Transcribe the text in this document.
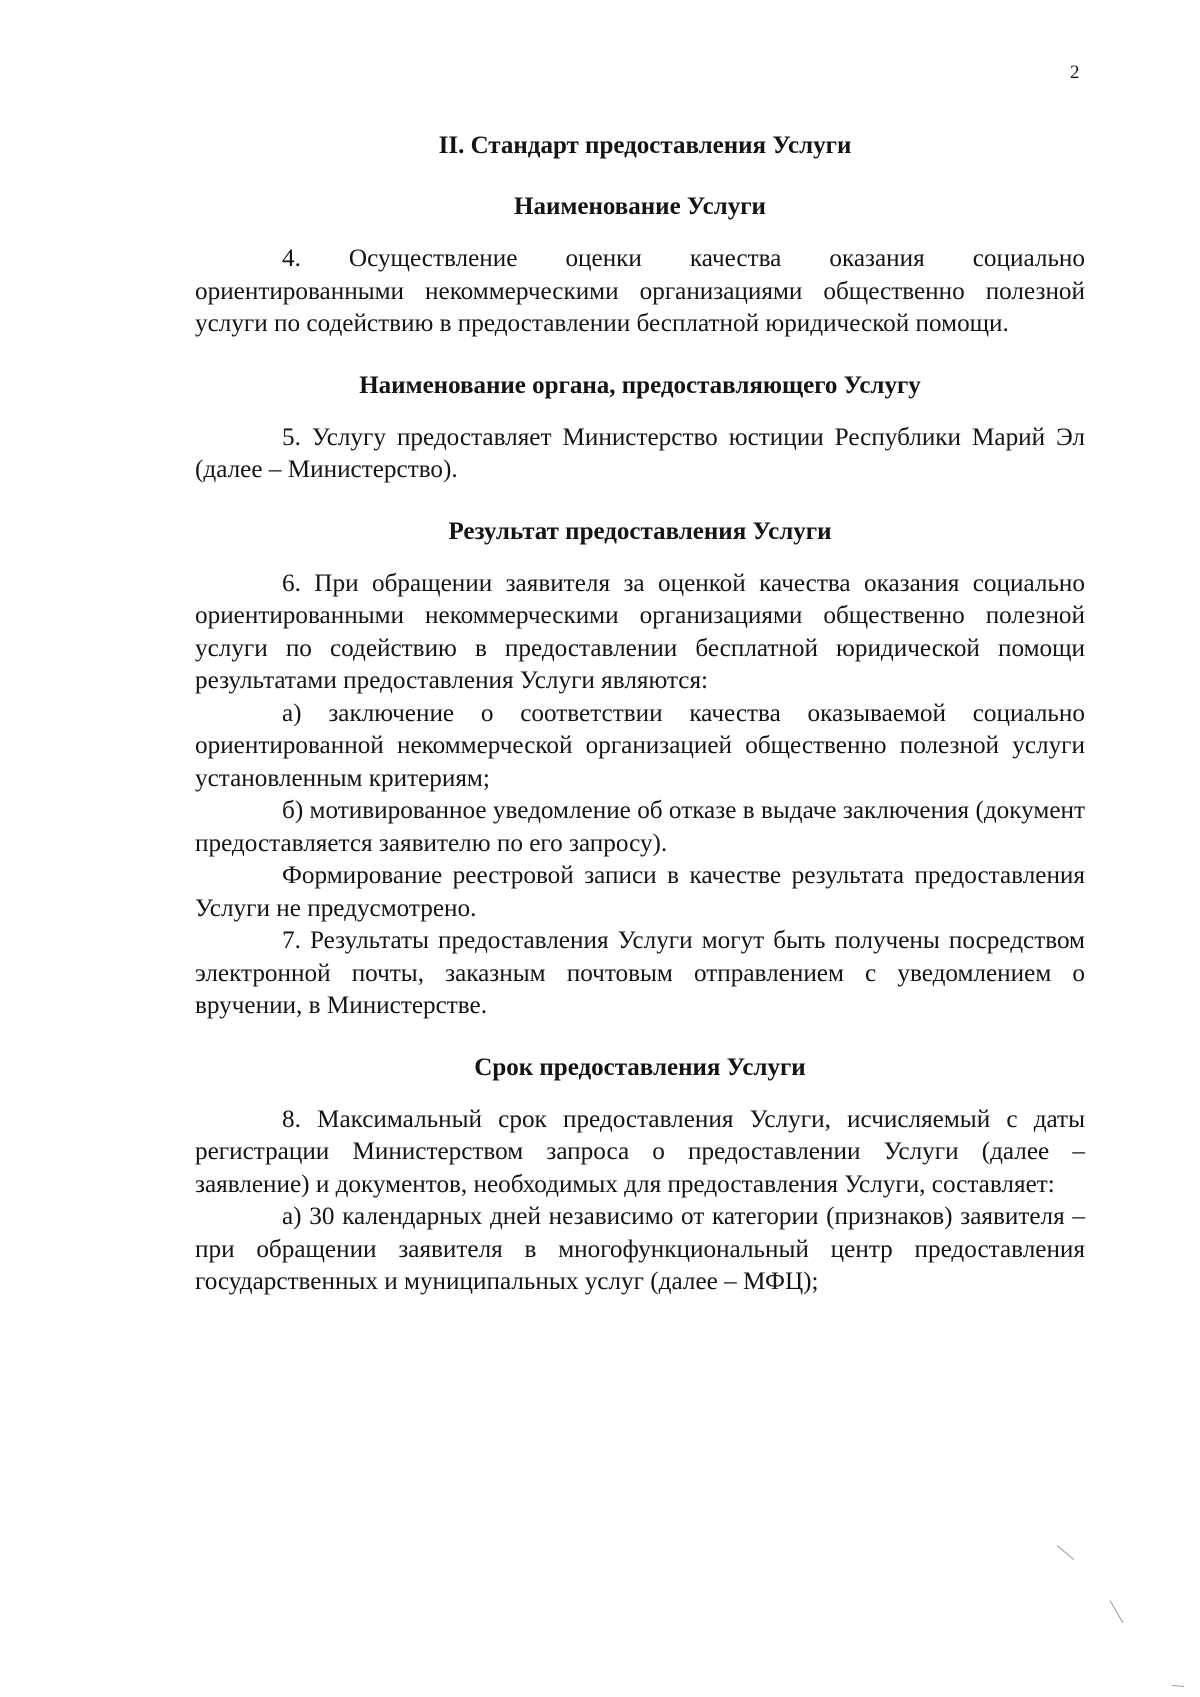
2
II. Стандарт предоставления Услуги
Наименование Услуги

4. Осуществление оценки качества оказания социально ориентированными некоммерческими организациями общественно полезной услуги по содействию в предоставлении бесплатной юридической помощи.

Наименование органа, предоставляющего Услугу

5. Услугу предоставляет Министерство юстиции Республики Марий Эл (далее – Министерство).

Результат предоставления Услуги

6. При обращении заявителя за оценкой качества оказания социально ориентированными некоммерческими организациями общественно полезной услуги по содействию в предоставлении бесплатной юридической помощи результатами предоставления Услуги являются:

а) заключение о соответствии качества оказываемой социально ориентированной некоммерческой организацией общественно полезной услуги установленным критериям;

б) мотивированное уведомление об отказе в выдаче заключения (документ предоставляется заявителю по его запросу).

Формирование реестровой записи в качестве результата предоставления Услуги не предусмотрено.

7. Результаты предоставления Услуги могут быть получены посредством электронной почты, заказным почтовым отправлением с уведомлением о вручении, в Министерстве.

Срок предоставления Услуги

8. Максимальный срок предоставления Услуги, исчисляемый с даты регистрации Министерством запроса о предоставлении Услуги (далее – заявление) и документов, необходимых для предоставления Услуги, составляет:

а) 30 календарных дней независимо от категории (признаков) заявителя – при обращении заявителя в многофункциональный центр предоставления государственных и муниципальных услуг (далее – МФЦ);
